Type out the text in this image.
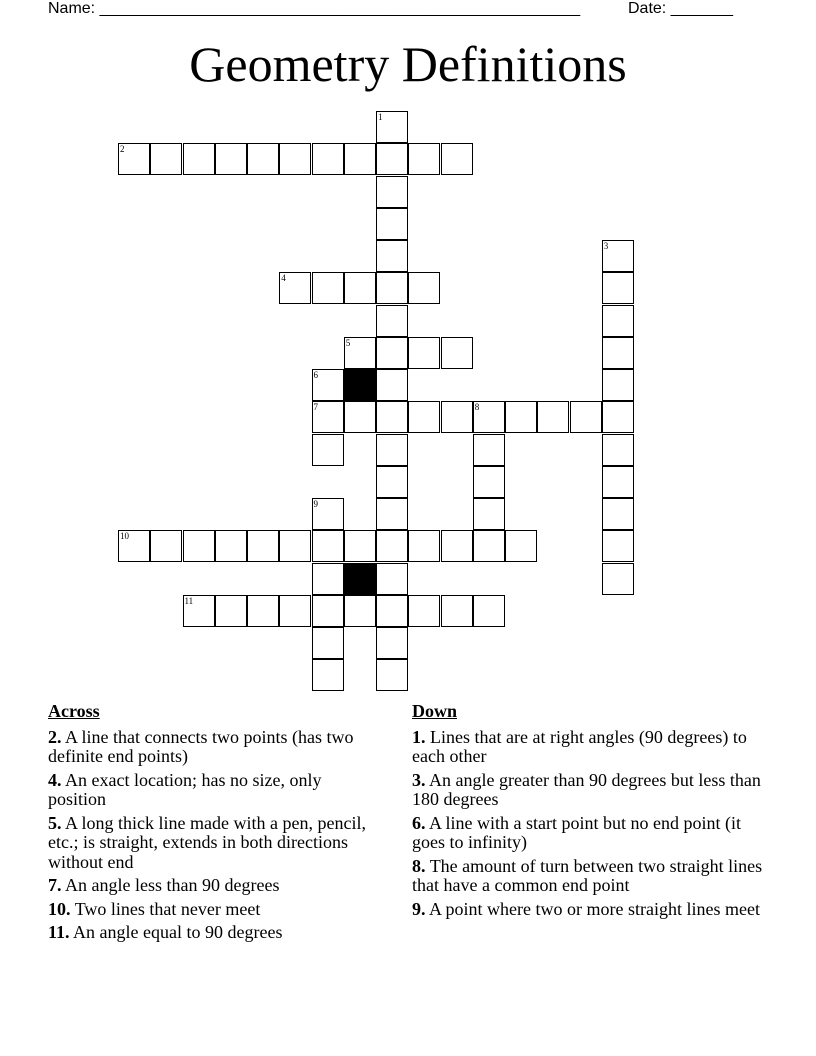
Name: ______________________________________________________	Date: _______
Geometry Definitions
1
2
3
4
5
6
7	8
9
10
11
Across
2. A line that connects two points (has two definite end points)
4. An exact location; has no size, only position
5. A long thick line made with a pen, pencil, etc.; is straight, extends in both directions without end
7. An angle less than 90 degrees
10. Two lines that never meet
11. An angle equal to 90 degrees
Down
1. Lines that are at right angles (90 degrees) to each other
3. An angle greater than 90 degrees but less than 180 degrees
6. A line with a start point but no end point (it goes to infinity)
8. The amount of turn between two straight lines that have a common end point
9. A point where two or more straight lines meet
